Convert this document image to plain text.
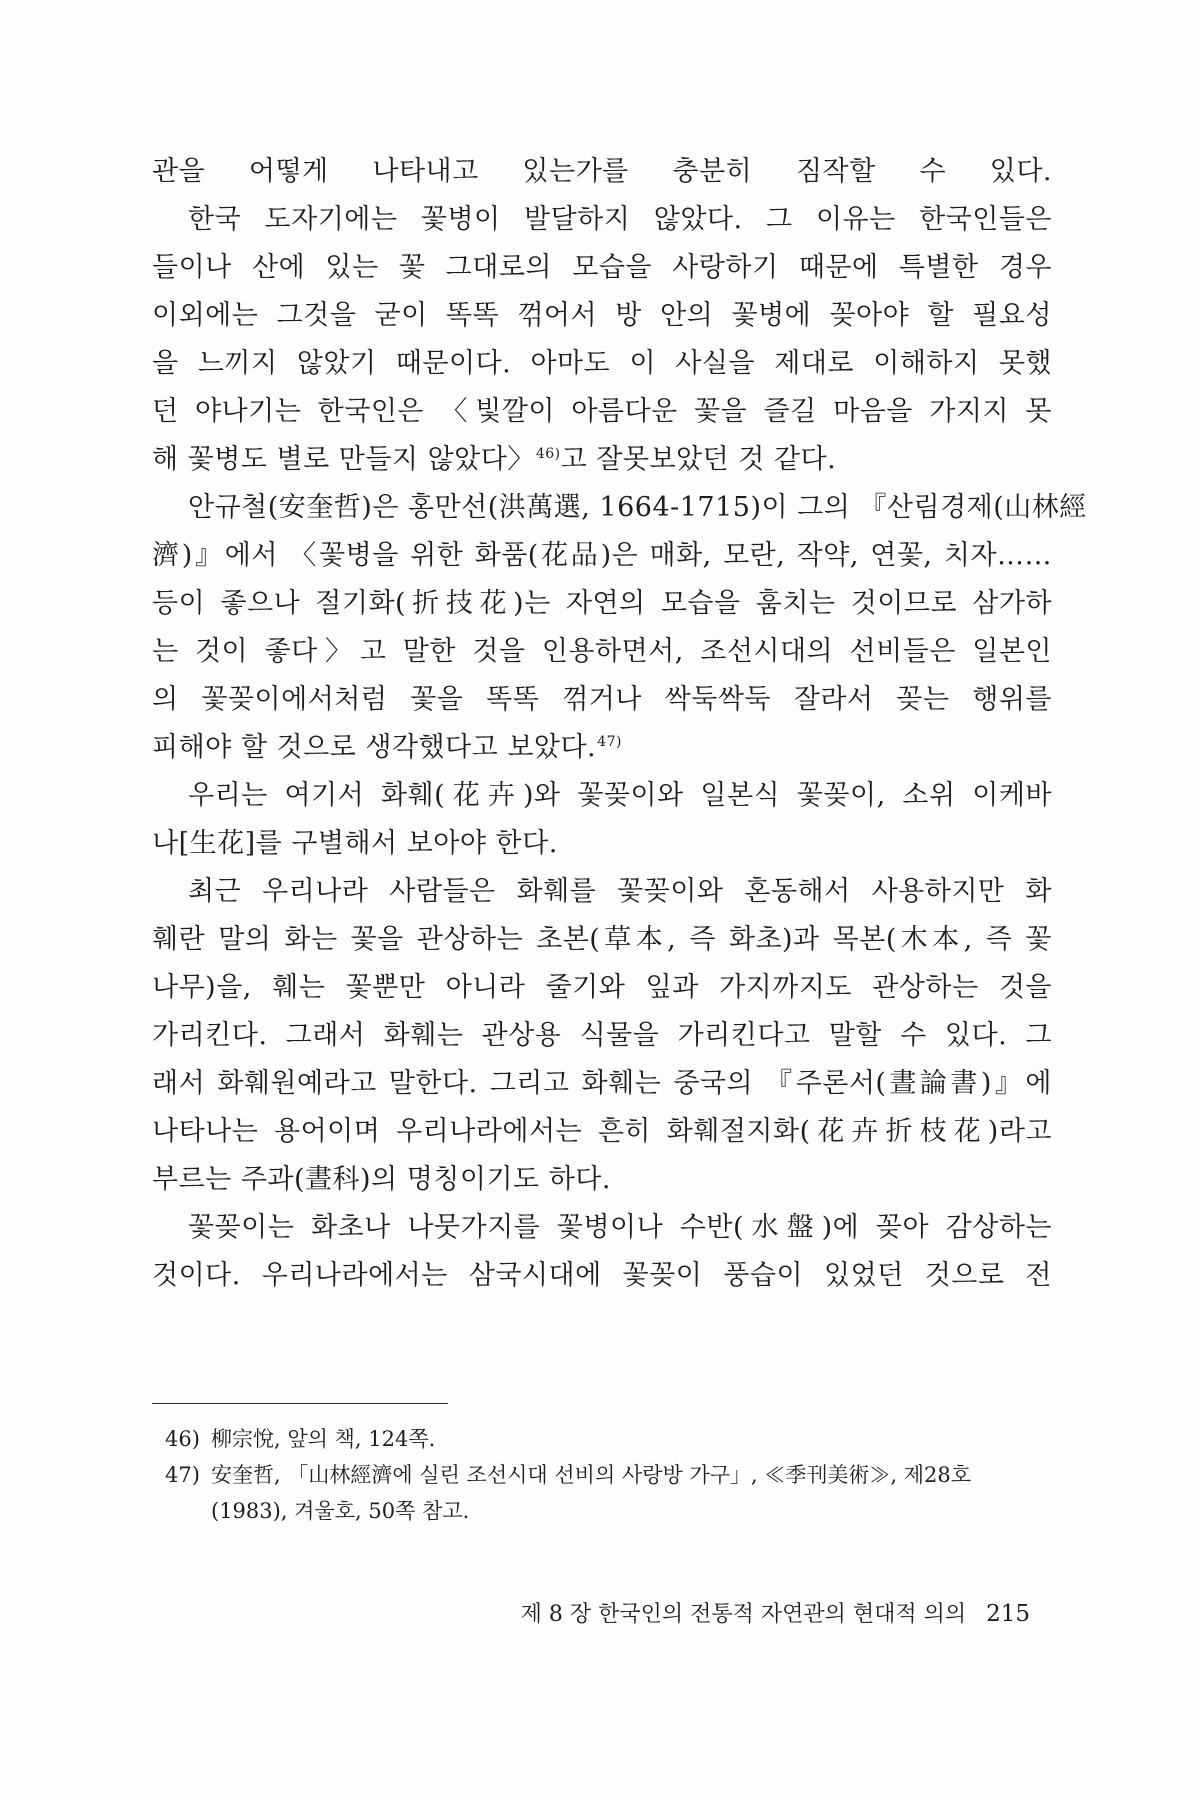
관을 어떻게 나타내고 있는가를 충분히 짐작할 수 있다.
한국 도자기에는 꽃병이 발달하지 않았다. 그 이유는 한국인들은
들이나 산에 있는 꽃 그대로의 모습을 사랑하기 때문에 특별한 경우
이외에는 그것을 굳이 똑똑 꺾어서 방 안의 꽃병에 꽂아야 할 필요성
을 느끼지 않았기 때문이다. 아마도 이 사실을 제대로 이해하지 못했
던 야나기는 한국인은 〈빛깔이 아름다운 꽃을 즐길 마음을 가지지 못
해 꽃병도 별로 만들지 않았다〉$^{46)}$고 잘못보았던 것 같다.
안규철(安奎哲)은 홍만선(洪萬選, 1664-1715)이 그의 『산림경제(山林經
濟)』에서 〈꽃병을 위한 화품(花品)은 매화, 모란, 작약, 연꽃, 치자……
등이 좋으나 절기화(折技花)는 자연의 모습을 훔치는 것이므로 삼가하
는 것이 좋다〉고 말한 것을 인용하면서, 조선시대의 선비들은 일본인
의 꽃꽂이에서처럼 꽃을 똑똑 꺾거나 싹둑싹둑 잘라서 꽂는 행위를
피해야 할 것으로 생각했다고 보았다.$^{47)}$
우리는 여기서 화훼(花卉)와 꽃꽂이와 일본식 꽃꽂이, 소위 이케바
나[生花]를 구별해서 보아야 한다.
최근 우리나라 사람들은 화훼를 꽃꽂이와 혼동해서 사용하지만 화
훼란 말의 화는 꽃을 관상하는 초본(草本, 즉 화초)과 목본(木本, 즉 꽃
나무)을, 훼는 꽃뿐만 아니라 줄기와 잎과 가지까지도 관상하는 것을
가리킨다. 그래서 화훼는 관상용 식물을 가리킨다고 말할 수 있다. 그
래서 화훼원예라고 말한다. 그리고 화훼는 중국의 『주론서(晝論書)』에
나타나는 용어이며 우리나라에서는 흔히 화훼절지화(花卉折枝花)라고
부르는 주과(晝科)의 명칭이기도 하다.
꽃꽂이는 화초나 나뭇가지를 꽃병이나 수반(水盤)에 꽂아 감상하는
것이다. 우리나라에서는 삼국시대에 꽃꽂이 풍습이 있었던 것으로 전
46) 柳宗悅, 앞의 책, 124쪽.
47) 安奎哲, 「山林經濟에 실린 조선시대 선비의 사랑방 가구」, ≪季刊美術≫, 제28호
(1983), 겨울호, 50쪽 참고.
제 8 장 한국인의 전통적 자연관의 현대적 의의 215
